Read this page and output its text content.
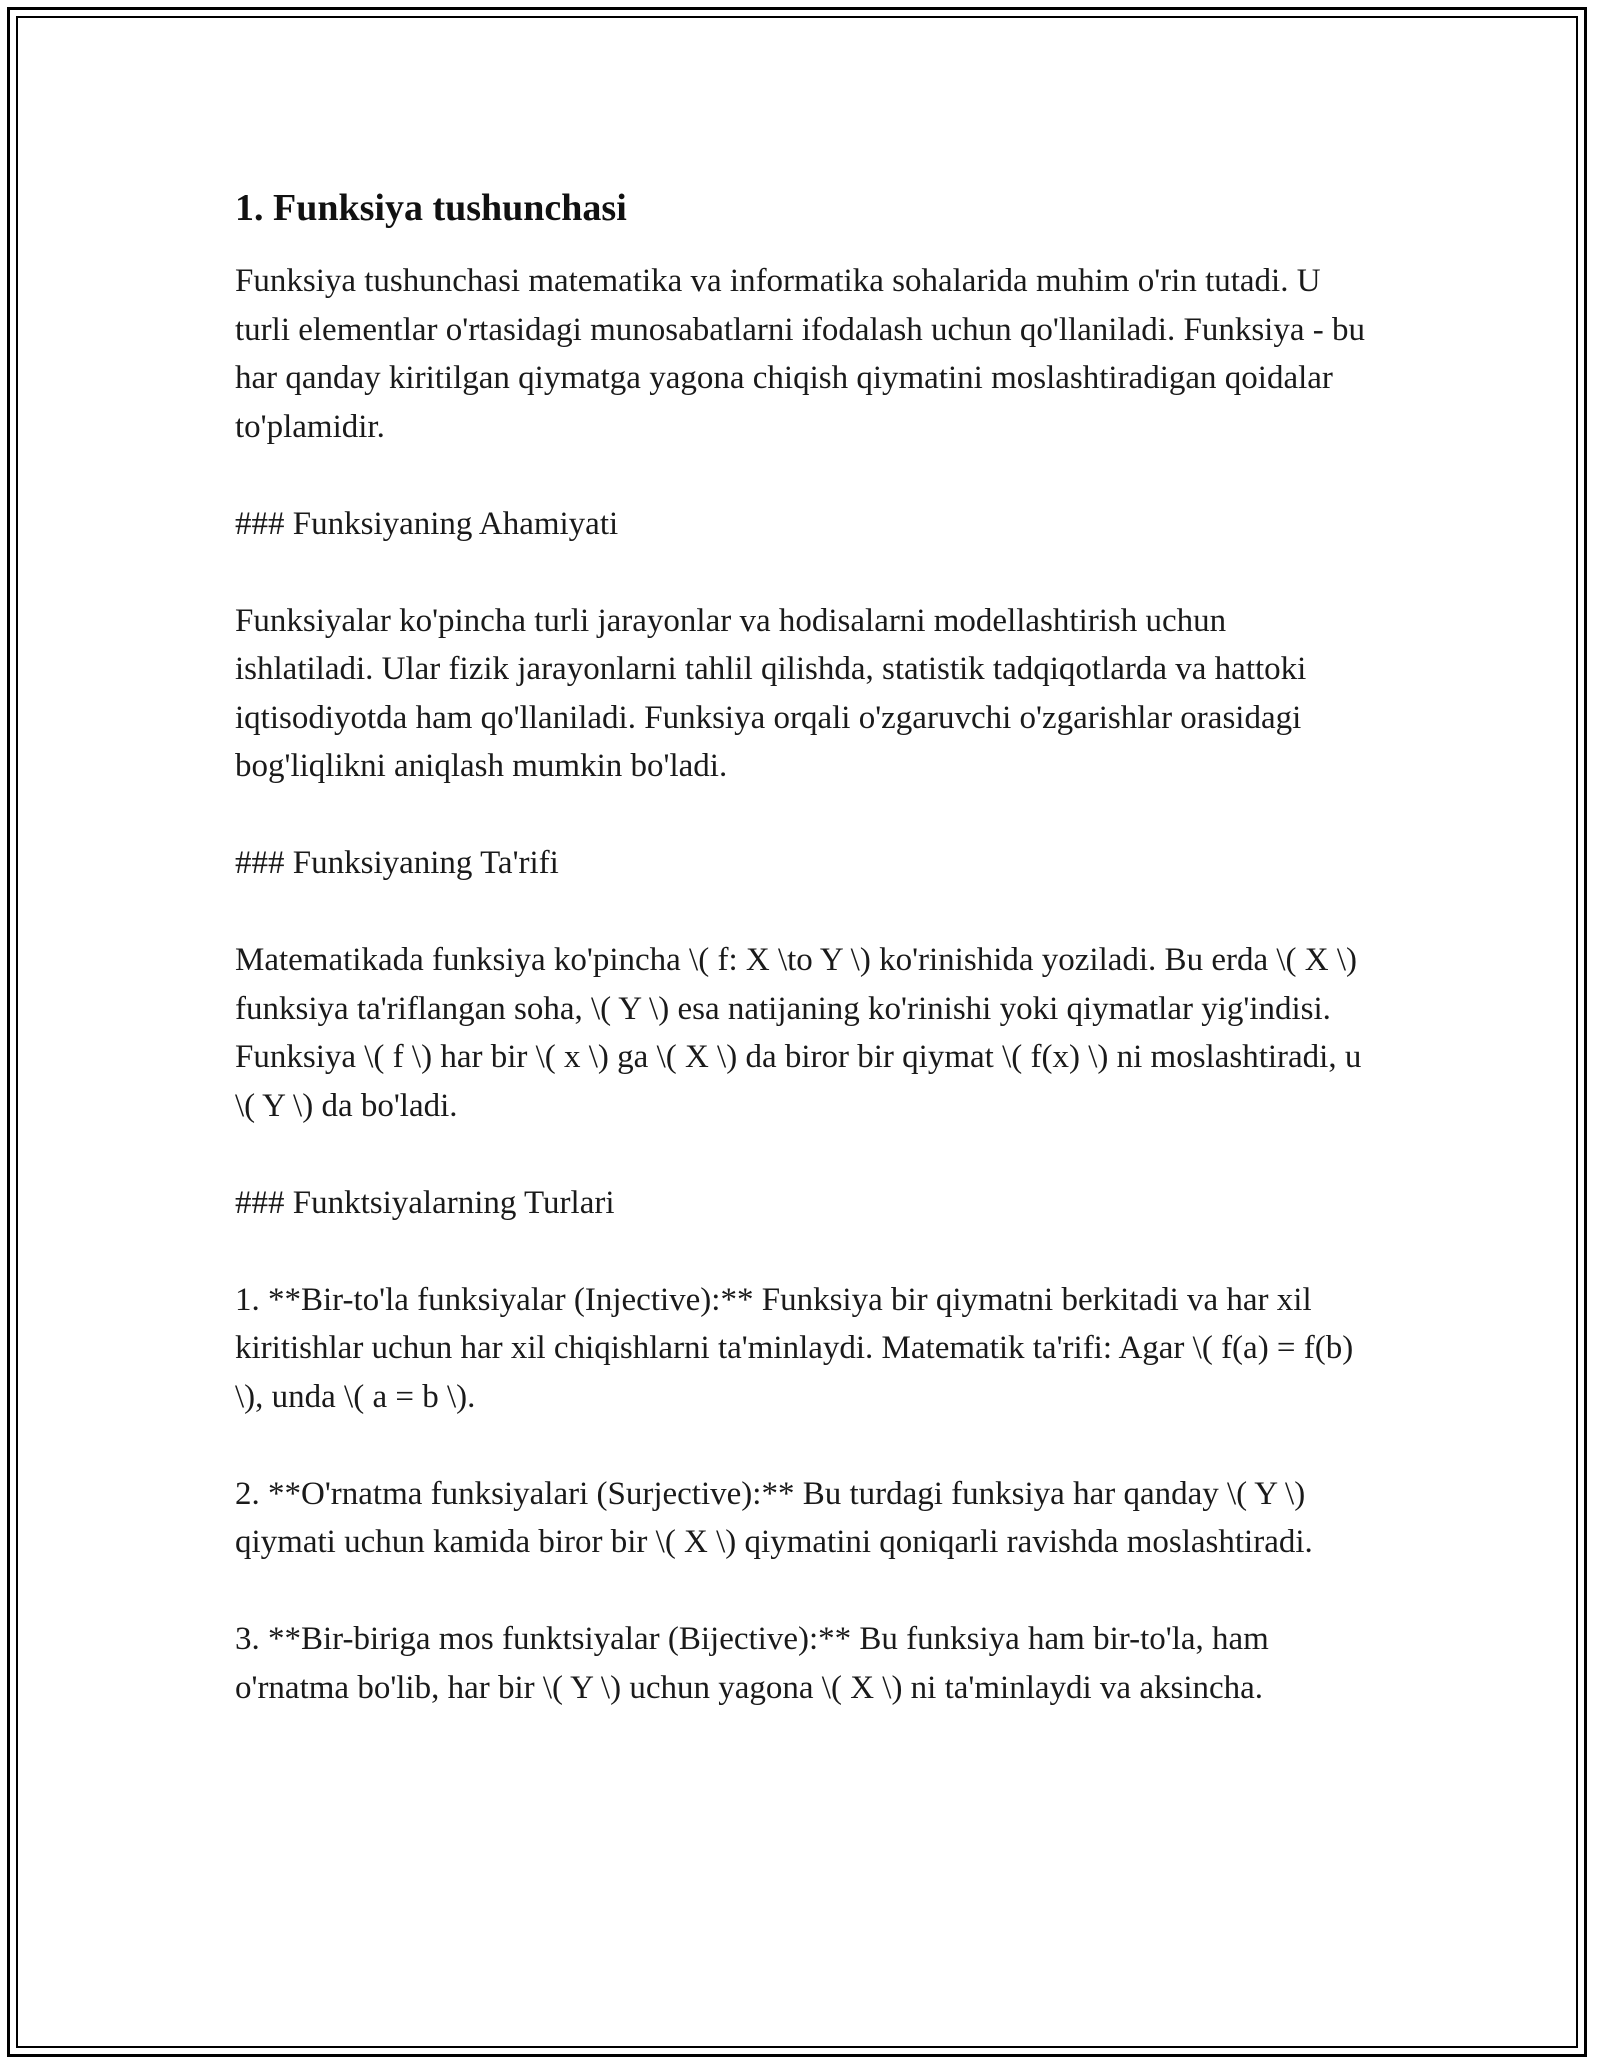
1. Funksiya tushunchasi

Funksiya tushunchasi matematika va informatika sohalarida muhim o'rin tutadi. U turli elementlar o'rtasidagi munosabatlarni ifodalash uchun qo'llaniladi. Funksiya - bu har qanday kiritilgan qiymatga yagona chiqish qiymatini moslashtiradigan qoidalar to'plamidir.

### Funksiyaning Ahamiyati

Funksiyalar ko'pincha turli jarayonlar va hodisalarni modellashtirish uchun ishlatiladi. Ular fizik jarayonlarni tahlil qilishda, statistik tadqiqotlarda va hattoki iqtisodiyotda ham qo'llaniladi. Funksiya orqali o'zgaruvchi o'zgarishlar orasidagi bog'liqlikni aniqlash mumkin bo'ladi.

### Funksiyaning Ta'rifi

Matematikada funksiya ko'pincha \( f: X \to Y \) ko'rinishida yoziladi. Bu erda \( X \) funksiya ta'riflangan soha, \( Y \) esa natijaning ko'rinishi yoki qiymatlar yig'indisi. Funksiya \( f \) har bir \( x \) ga \( X \) da biror bir qiymat \( f(x) \) ni moslashtiradi, u \( Y \) da bo'ladi.

### Funktsiyalarning Turlari

1. **Bir-to'la funksiyalar (Injective):** Funksiya bir qiymatni berkitadi va har xil kiritishlar uchun har xil chiqishlarni ta'minlaydi. Matematik ta'rifi: Agar \( f(a) = f(b) \), unda \( a = b \).

2. **O'rnatma funksiyalari (Surjective):** Bu turdagi funksiya har qanday \( Y \) qiymati uchun kamida biror bir \( X \) qiymatini qoniqarli ravishda moslashtiradi.

3. **Bir-biriga mos funktsiyalar (Bijective):** Bu funksiya ham bir-to'la, ham o'rnatma bo'lib, har bir \( Y \) uchun yagona \( X \) ni ta'minlaydi va aksincha.
